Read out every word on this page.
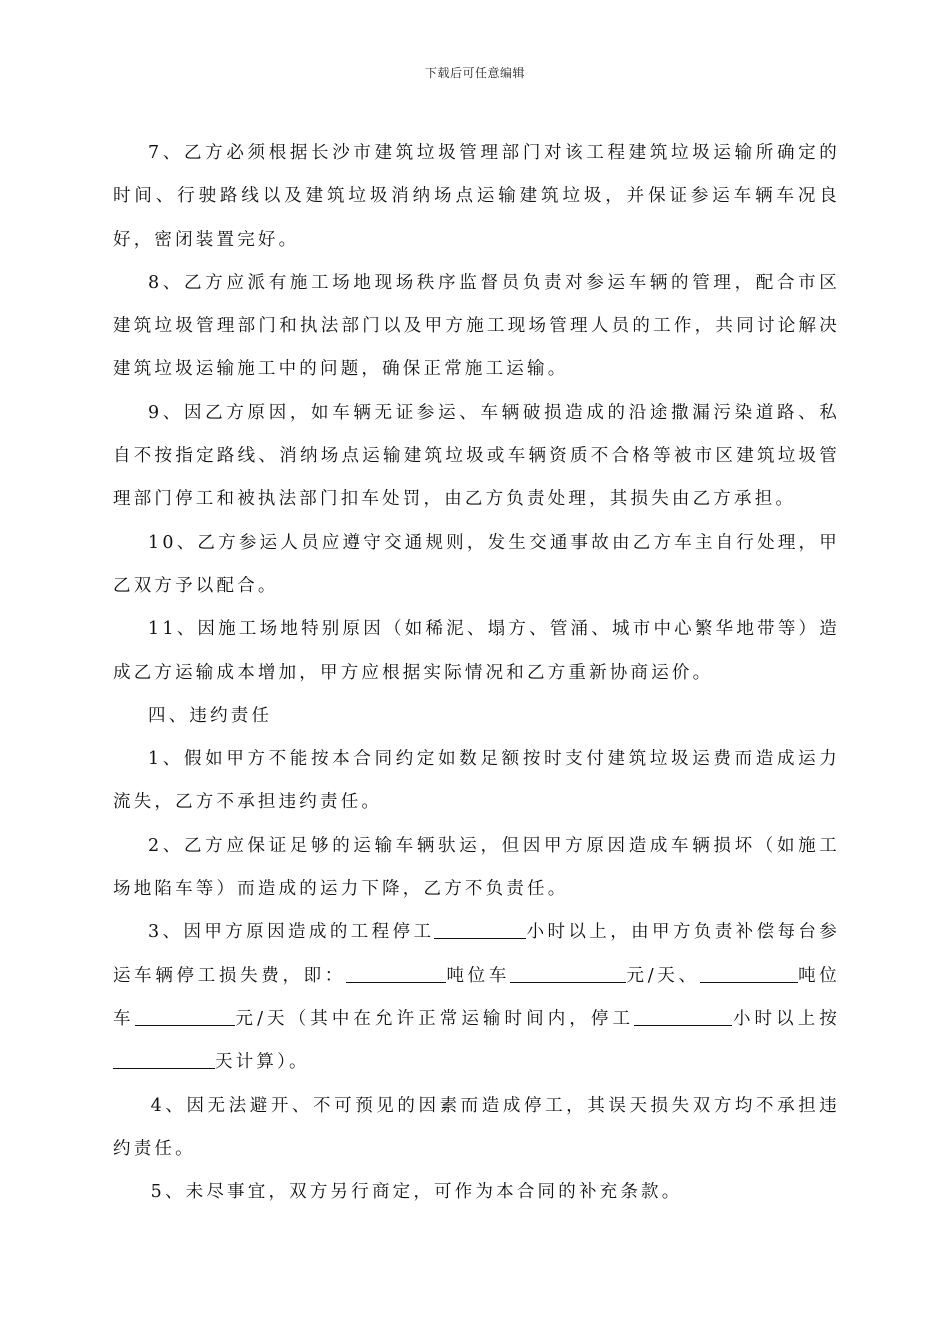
下载后可任意编辑

7、乙方必须根据长沙市建筑垃圾管理部门对该工程建筑垃圾运输所确定的时间、行驶路线以及建筑垃圾消纳场点运输建筑垃圾，并保证参运车辆车况良好，密闭装置完好。

8、乙方应派有施工场地现场秩序监督员负责对参运车辆的管理，配合市区建筑垃圾管理部门和执法部门以及甲方施工现场管理人员的工作，共同讨论解决建筑垃圾运输施工中的问题，确保正常施工运输。

9、因乙方原因，如车辆无证参运、车辆破损造成的沿途撒漏污染道路、私自不按指定路线、消纳场点运输建筑垃圾或车辆资质不合格等被市区建筑垃圾管理部门停工和被执法部门扣车处罚，由乙方负责处理，其损失由乙方承担。

10、乙方参运人员应遵守交通规则，发生交通事故由乙方车主自行处理，甲乙双方予以配合。

11、因施工场地特别原因（如稀泥、塌方、管涌、城市中心繁华地带等）造成乙方运输成本增加，甲方应根据实际情况和乙方重新协商运价。

四、违约责任

1、假如甲方不能按本合同约定如数足额按时支付建筑垃圾运费而造成运力流失，乙方不承担违约责任。

2、乙方应保证足够的运输车辆驮运，但因甲方原因造成车辆损坏（如施工场地陷车等）而造成的运力下降，乙方不负责任。

3、因甲方原因造成的工程停工	小时以上，由甲方负责补偿每台参运车辆停工损失费，即：	吨位车	元/天、	吨位车	元/天（其中在允许正常运输时间内，停工	小时以上按天计算）。

4、因无法避开、不可预见的因素而造成停工，其误天损失双方均不承担违约责任。

5、未尽事宜，双方另行商定，可作为本合同的补充条款。
